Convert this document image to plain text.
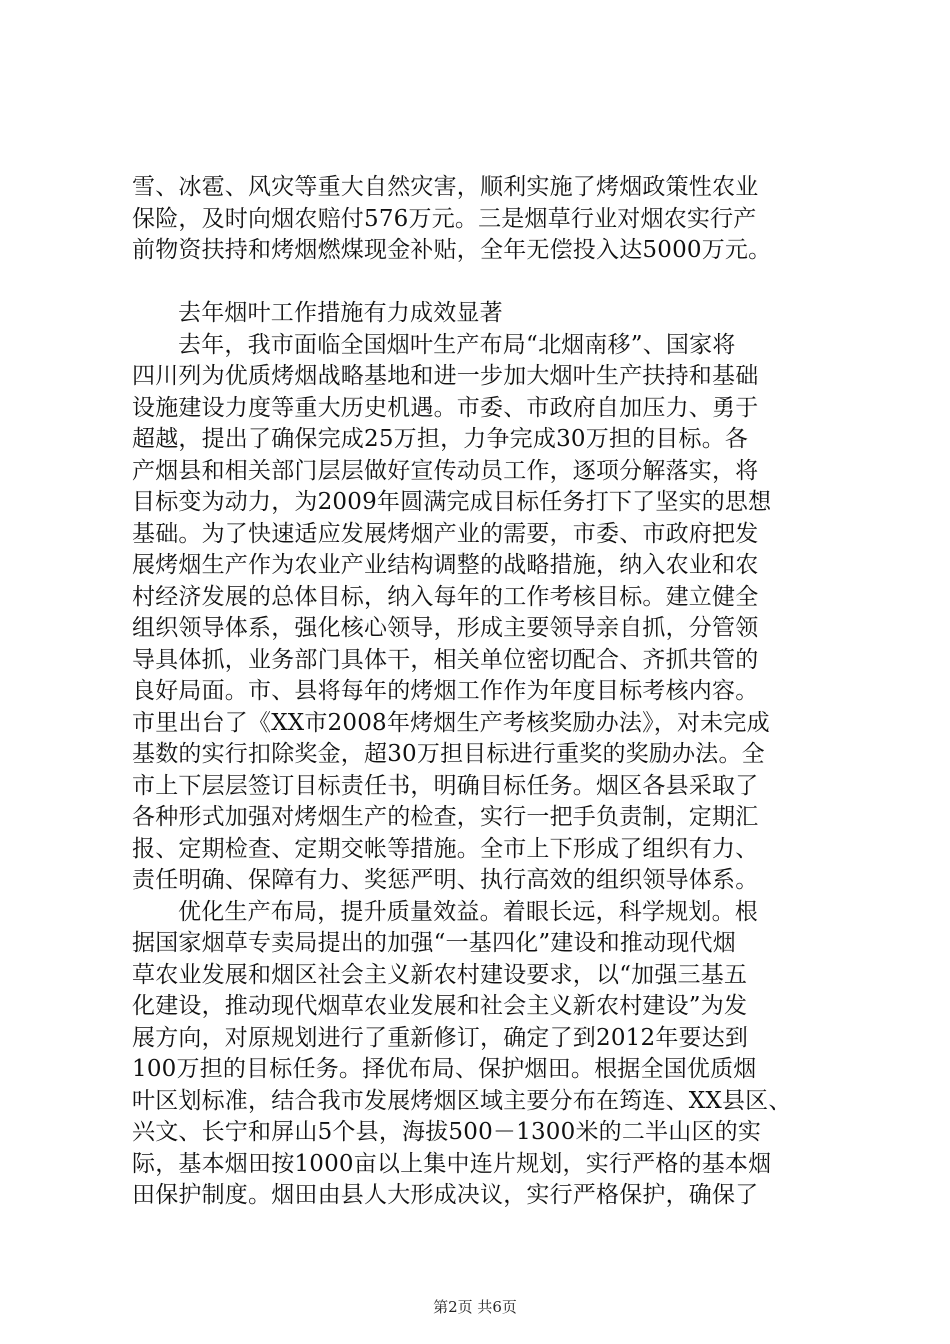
雪、冰雹、风灾等重大自然灾害，顺利实施了烤烟政策性农业
保险，及时向烟农赔付576万元。三是烟草行业对烟农实行产
前物资扶持和烤烟燃煤现金补贴，全年无偿投入达5000万元。
去年烟叶工作措施有力成效显著
去年，我市面临全国烟叶生产布局“北烟南移”、国家将
四川列为优质烤烟战略基地和进一步加大烟叶生产扶持和基础
设施建设力度等重大历史机遇。市委、市政府自加压力、勇于
超越，提出了确保完成25万担，力争完成30万担的目标。各
产烟县和相关部门层层做好宣传动员工作，逐项分解落实，将
目标变为动力，为2009年圆满完成目标任务打下了坚实的思想
基础。为了快速适应发展烤烟产业的需要，市委、市政府把发
展烤烟生产作为农业产业结构调整的战略措施，纳入农业和农
村经济发展的总体目标，纳入每年的工作考核目标。建立健全
组织领导体系，强化核心领导，形成主要领导亲自抓，分管领
导具体抓，业务部门具体干，相关单位密切配合、齐抓共管的
良好局面。市、县将每年的烤烟工作作为年度目标考核内容。
市里出台了《XX市2008年烤烟生产考核奖励办法》，对未完成
基数的实行扣除奖金，超30万担目标进行重奖的奖励办法。全
市上下层层签订目标责任书，明确目标任务。烟区各县采取了
各种形式加强对烤烟生产的检查，实行一把手负责制，定期汇
报、定期检查、定期交帐等措施。全市上下形成了组织有力、
责任明确、保障有力、奖惩严明、执行高效的组织领导体系。
优化生产布局，提升质量效益。着眼长远，科学规划。根
据国家烟草专卖局提出的加强“一基四化”建设和推动现代烟
草农业发展和烟区社会主义新农村建设要求，以“加强三基五
化建设，推动现代烟草农业发展和社会主义新农村建设”为发
展方向，对原规划进行了重新修订，确定了到2012年要达到
100万担的目标任务。择优布局、保护烟田。根据全国优质烟
叶区划标准，结合我市发展烤烟区域主要分布在筠连、XX县区、
兴文、长宁和屏山5个县，海拔500－1300米的二半山区的实
际，基本烟田按1000亩以上集中连片规划，实行严格的基本烟
田保护制度。烟田由县人大形成决议，实行严格保护，确保了
第2页 共6页
